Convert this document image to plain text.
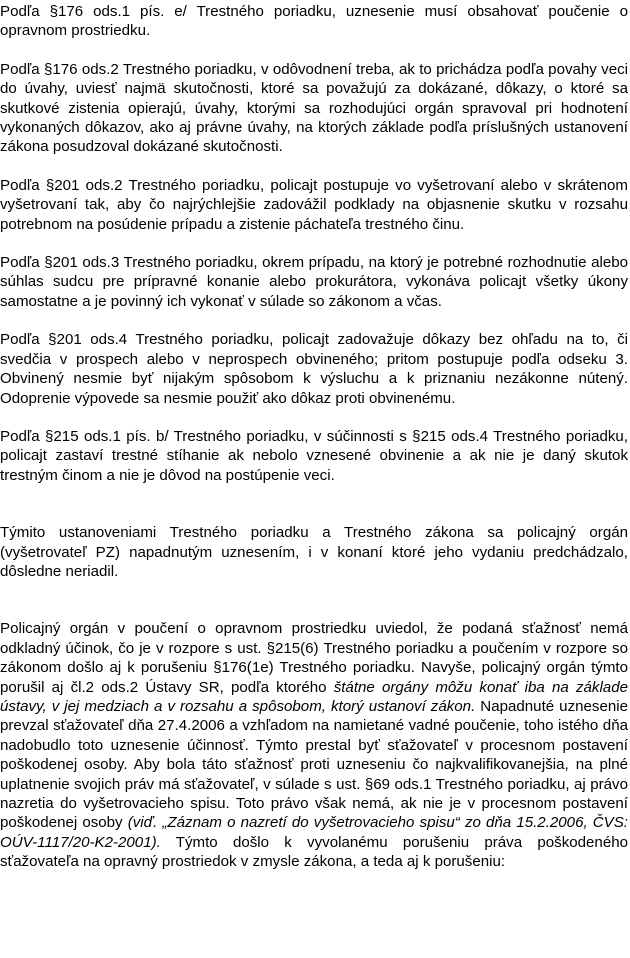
Podľa §176 ods.1 pís. e/ Trestného poriadku, uznesenie musí obsahovať poučenie o opravnom prostriedku.

Podľa §176 ods.2 Trestného poriadku, v odôvodnení treba, ak to prichádza podľa povahy veci do úvahy, uviesť najmä skutočnosti, ktoré sa považujú za dokázané, dôkazy, o ktoré sa skutkové zistenia opierajú, úvahy, ktorými sa rozhodujúci orgán spravoval pri hodnotení vykonaných dôkazov, ako aj právne úvahy, na ktorých základe podľa príslušných ustanovení zákona posudzoval dokázané skutočnosti.

Podľa §201 ods.2 Trestného poriadku, policajt postupuje vo vyšetrovaní alebo v skrátenom vyšetrovaní tak, aby čo najrýchlejšie zadovážil podklady na objasnenie skutku v rozsahu potrebnom na posúdenie prípadu a zistenie páchateľa trestného činu.

Podľa §201 ods.3 Trestného poriadku, okrem prípadu, na ktorý je potrebné rozhodnutie alebo súhlas sudcu pre prípravné konanie alebo prokurátora, vykonáva policajt všetky úkony samostatne a je povinný ich vykonať v súlade so zákonom a včas.

Podľa §201 ods.4 Trestného poriadku, policajt zadovažuje dôkazy bez ohľadu na to, či svedčia v prospech alebo v neprospech obvineného; pritom postupuje podľa odseku 3. Obvinený nesmie byť nijakým spôsobom k výsluchu a k priznaniu nezákonne nútený. Odoprenie výpovede sa nesmie použiť ako dôkaz proti obvinenému.

Podľa §215 ods.1 pís. b/ Trestného poriadku, v súčinnosti s §215 ods.4 Trestného poriadku, policajt zastaví trestné stíhanie ak nebolo vznesené obvinenie a ak nie je daný skutok trestným činom a nie je dôvod na postúpenie veci.

Týmito ustanoveniami Trestného poriadku a Trestného zákona sa policajný orgán (vyšetrovateľ PZ) napadnutým uznesením, i v konaní ktoré jeho vydaniu predchádzalo, dôsledne neriadil.

Policajný orgán v poučení o opravnom prostriedku uviedol, že podaná sťažnosť nemá odkladný účinok, čo je v rozpore s ust. §215(6) Trestného poriadku a poučením v rozpore so zákonom došlo aj k porušeniu §176(1e) Trestného poriadku. Navyše, policajný orgán týmto porušil aj čl.2 ods.2 Ústavy SR, podľa ktorého štátne orgány môžu konať iba na základe ústavy, v jej medziach a v rozsahu a spôsobom, ktorý ustanoví zákon. Napadnuté uznesenie prevzal sťažovateľ dňa 27.4.2006 a vzhľadom na namietané vadné poučenie, toho istého dňa nadobudlo toto uznesenie účinnosť. Týmto prestal byť sťažovateľ v procesnom postavení poškodenej osoby. Aby bola táto sťažnosť proti uzneseniu čo najkvalifikovanejšia, na plné uplatnenie svojich práv má sťažovateľ, v súlade s ust. §69 ods.1 Trestného poriadku, aj právo nazretia do vyšetrovacieho spisu. Toto právo však nemá, ak nie je v procesnom postavení poškodenej osoby (viď. „Záznam o nazretí do vyšetrovacieho spisu“ zo dňa 15.2.2006, ČVS: OÚV-1117/20-K2-2001). Týmto došlo k vyvolanému porušeniu práva poškodeného sťažovateľa na opravný prostriedok v zmysle zákona, a teda aj k porušeniu:
